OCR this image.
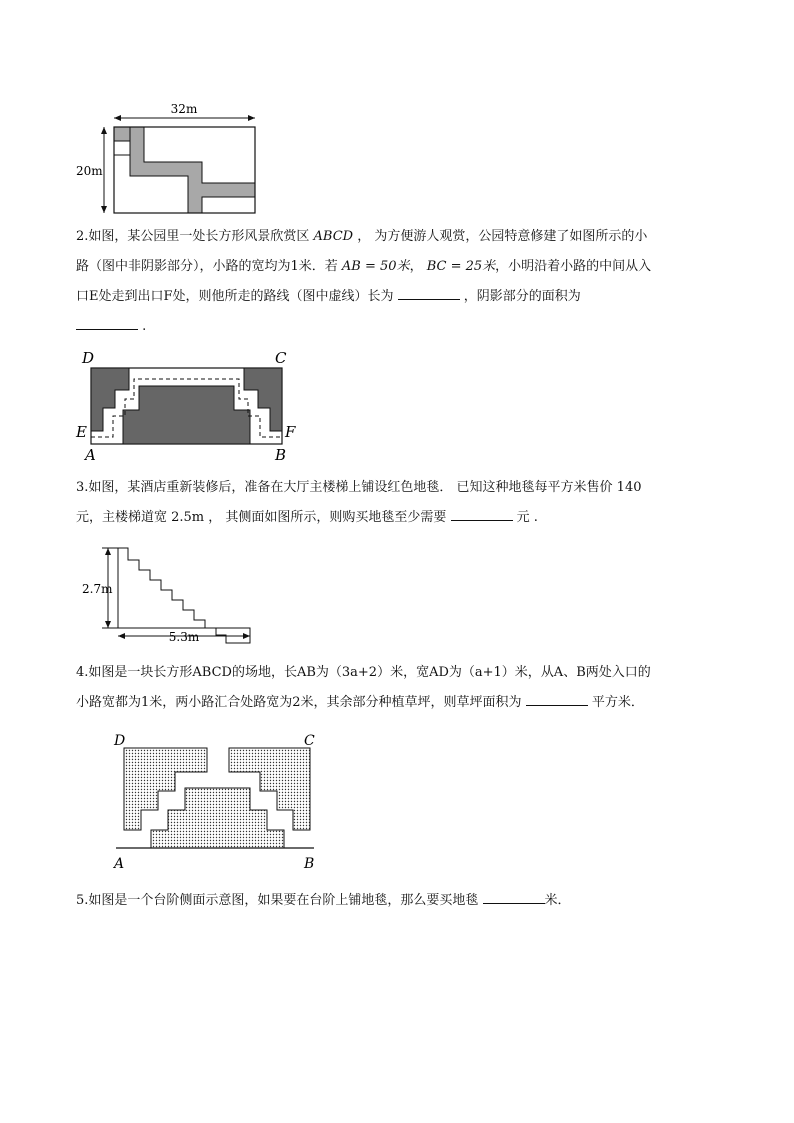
32m
20m
2.如图，某公园里一处长方形风景欣赏区 ABCD ， 为方便游人观赏，公园特意修建了如图所示的小
路（图中非阴影部分），小路的宽均为1米．若 AB = 50米， BC = 25米，小明沿着小路的中间从入
口E处走到出口F处，则他所走的路线（图中虚线）长为	，阴影部分的面积为
.
D	C
E	F
A	B
3.如图，某酒店重新装修后，准备在大厅主楼梯上铺设红色地毯． 已知这种地毯每平方米售价 140
元，主楼梯道宽 2.5m ， 其侧面如图所示，则购买地毯至少需要	元 .
2.7m
5.3m
4.如图是一块长方形ABCD的场地，长AB为（3a+2）米，宽AD为（a+1）米，从A、B两处入口的
小路宽都为1米，两小路汇合处路宽为2米，其余部分种植草坪，则草坪面积为	平方米．
D	C
A	B
5.如图是一个台阶侧面示意图，如果要在台阶上铺地毯，那么要买地毯	米．
